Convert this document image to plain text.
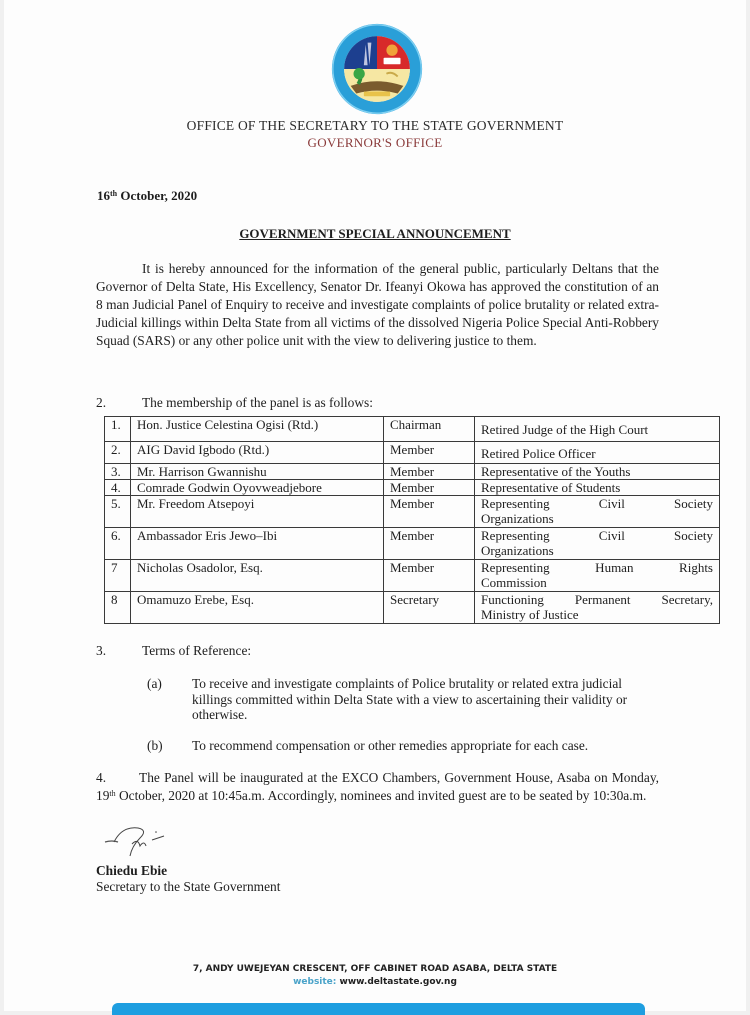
OFFICE OF THE SECRETARY TO THE STATE GOVERNMENT
GOVERNOR'S OFFICE
16th October, 2020
GOVERNMENT SPECIAL ANNOUNCEMENT
It is hereby announced for the information of the general public, particularly Deltans that the Governor of Delta State, His Excellency, Senator Dr. Ifeanyi Okowa has approved the constitution of an 8 man Judicial Panel of Enquiry to receive and investigate complaints of police brutality or related extra-Judicial killings within Delta State from all victims of the dissolved Nigeria Police Special Anti-Robbery Squad (SARS) or any other police unit with the view to delivering justice to them.
2.	The membership of the panel is as follows:
1.	Hon. Justice Celestina Ogisi (Rtd.)	Chairman	Retired Judge of the High Court
2.	AIG David Igbodo (Rtd.)	Member	Retired Police Officer
3.	Mr. Harrison Gwannishu	Member	Representative of the Youths
4.	Comrade Godwin Oyovweadjebore	Member	Representative of Students
5.	Mr. Freedom Atsepoyi	Member	Representing Civil Society
Organizations
6.	Ambassador Eris Jewo–Ibi	Member	Representing Civil Society
Organizations
7	Nicholas Osadolor, Esq.	Member	Representing Human Rights
Commission
8	Omamuzo Erebe, Esq.	Secretary	Functioning Permanent Secretary,
Ministry of Justice
3.	Terms of Reference:
(a) To receive and investigate complaints of Police brutality or related extra judicial killings committed within Delta State with a view to ascertaining their validity or otherwise.
(b) To recommend compensation or other remedies appropriate for each case.
4. The Panel will be inaugurated at the EXCO Chambers, Government House, Asaba on Monday, 19th October, 2020 at 10:45a.m. Accordingly, nominees and invited guest are to be seated by 10:30a.m.
Chiedu Ebie
Secretary to the State Government
7, ANDY UWEJEYAN CRESCENT, OFF CABINET ROAD ASABA, DELTA STATE
website: www.deltastate.gov.ng
